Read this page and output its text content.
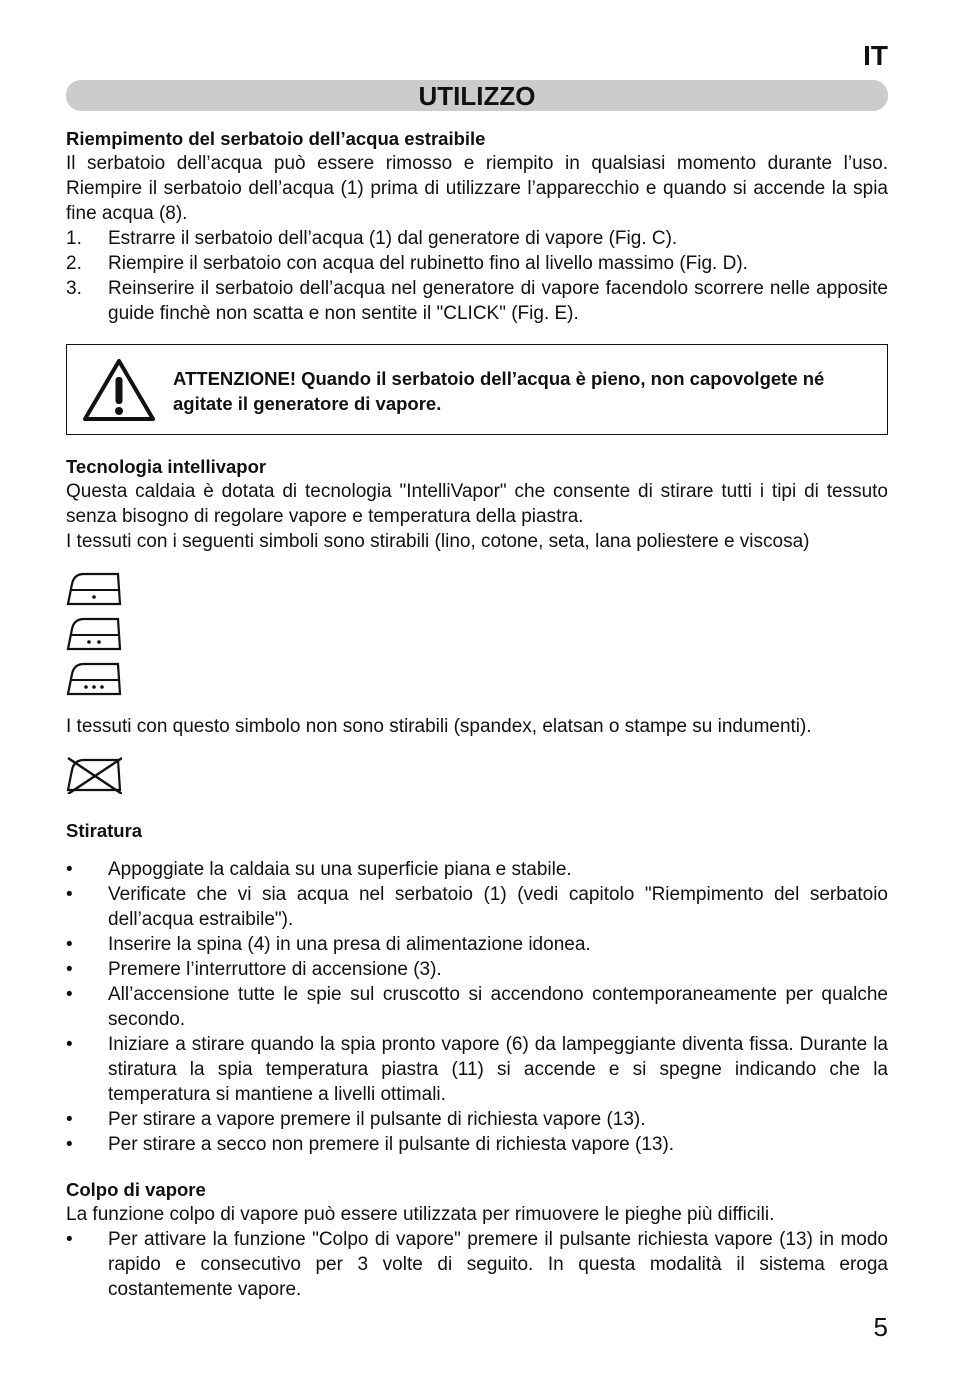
IT
UTILIZZO

Riempimento del serbatoio dell’acqua estraibile

Il serbatoio dell’acqua può essere rimosso e riempito in qualsiasi momento durante l’uso. Riempire il serbatoio dell’acqua (1) prima di utilizzare l’apparecchio e quando si accende la spia fine acqua (8).

1. Estrarre il serbatoio dell’acqua (1) dal generatore di vapore (Fig. C).
2. Riempire il serbatoio con acqua del rubinetto fino al livello massimo (Fig. D).
3. Reinserire il serbatoio dell’acqua nel generatore di vapore facendolo scorrere nelle apposite guide finchè non scatta e non sentite il "CLICK" (Fig. E).
ATTENZIONE! Quando il serbatoio dell’acqua è pieno, non capovolgete né agitate il generatore di vapore.

Tecnologia intellivapor

Questa caldaia è dotata di tecnologia "IntelliVapor" che consente di stirare tutti i tipi di tessuto senza bisogno di regolare vapore e temperatura della piastra.

I tessuti con i seguenti simboli sono stirabili (lino, cotone, seta, lana poliestere e viscosa)

I tessuti con questo simbolo non sono stirabili (spandex, elatsan o stampe su indumenti).

Stiratura

• Appoggiate la caldaia su una superficie piana e stabile.
• Verificate che vi sia acqua nel serbatoio (1) (vedi capitolo "Riempimento del serbatoio dell’acqua estraibile").
• Inserire la spina (4) in una presa di alimentazione idonea.
• Premere l’interruttore di accensione (3).
• All’accensione tutte le spie sul cruscotto si accendono contemporaneamente per qualche secondo.
• Iniziare a stirare quando la spia pronto vapore (6) da lampeggiante diventa fissa. Durante la stiratura la spia temperatura piastra (11) si accende e si spegne indicando che la temperatura si mantiene a livelli ottimali.
• Per stirare a vapore premere il pulsante di richiesta vapore (13).
• Per stirare a secco non premere il pulsante di richiesta vapore (13).

Colpo di vapore

La funzione colpo di vapore può essere utilizzata per rimuovere le pieghe più difficili.

• Per attivare la funzione "Colpo di vapore" premere il pulsante richiesta vapore (13) in modo rapido e consecutivo per 3 volte di seguito. In questa modalità il sistema eroga costantemente vapore.
5
